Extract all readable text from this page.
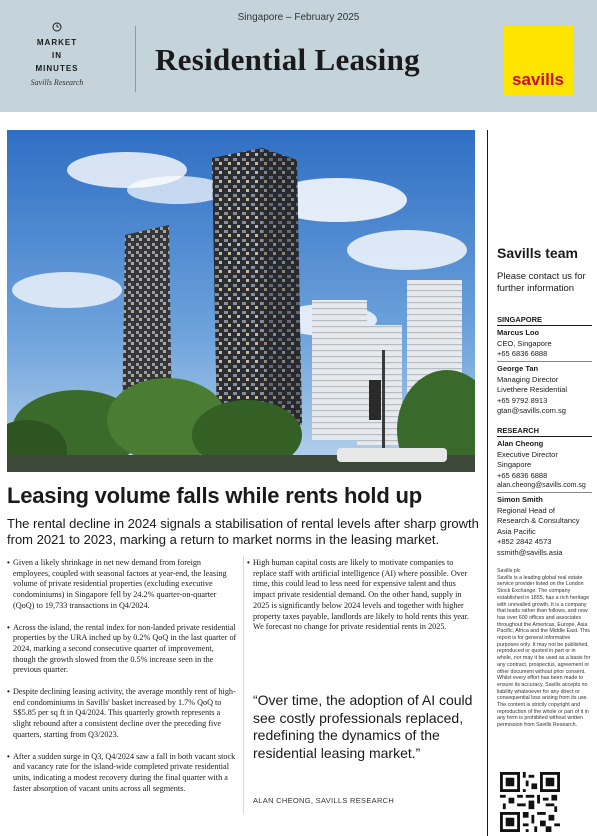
Singapore – February 2025
MARKET
IN
MINUTES
Savills Research
Residential Leasing
savills
Savills team
Please contact us for further information
SINGAPORE
Marcus Loo
CEO, Singapore
+65 6836 6888
George Tan
Managing Director
Livethere Residential
+65 9792 8913
gtan@savills.com.sg
RESEARCH
Alan Cheong
Executive Director
Singapore
+65 6836 6888
alan.cheong@savills.com.sg
Simon Smith
Regional Head of
Research & Consultancy
Asia Pacific
+852 2842 4573
ssmith@savills.asia
Savills plc
Savills is a leading global real estate service provider listed on the London Stock Exchange. The company established in 1855, has a rich heritage with unrivalled growth. It is a company that leads rather than follows, and now has over 600 offices and associates throughout the Americas, Europe, Asia Pacific, Africa and the Middle East. This report is for general informative purposes only. It may not be published, reproduced or quoted in part or in whole, nor may it be used as a basis for any contract, prospectus, agreement or other document without prior consent. Whilst every effort has been made to ensure its accuracy, Savills accepts no liability whatsoever for any direct or consequential loss arising from its use. The content is strictly copyright and reproduction of the whole or part of it in any form is prohibited without written permission from Savills Research.
Leasing volume falls while rents hold up
The rental decline in 2024 signals a stabilisation of rental levels after sharp growth from 2021 to 2023, marking a return to market norms in the leasing market.

• Given a likely shrinkage in net new demand from foreign employees, coupled with seasonal factors at year-end, the leasing volume of private residential properties (excluding executive condominiums) in Singapore fell by 24.2% quarter-on-quarter (QoQ) to 19,733 transactions in Q4/2024.

• Across the island, the rental index for non-landed private residential properties by the URA inched up by 0.2% QoQ in the last quarter of 2024, marking a second consecutive quarter of improvement, though the growth slowed from the 0.5% increase seen in the previous quarter.

• Despite declining leasing activity, the average monthly rent of high-end condominiums in Savills' basket increased by 1.7% QoQ to S$5.85 per sq ft in Q4/2024. This quarterly growth represents a slight rebound after a consistent decline over the preceding five quarters, starting from Q3/2023.

• After a sudden surge in Q3, Q4/2024 saw a fall in both vacant stock and vacancy rate for the island-wide completed private residential units, indicating a modest recovery during the final quarter with a faster absorption of vacant units across all segments.

• High human capital costs are likely to motivate companies to replace staff with artificial intelligence (AI) where possible. Over time, this could lead to less need for expensive talent and thus impact private residential demand. On the other hand, supply in 2025 is significantly below 2024 levels and together with higher property taxes payable, landlords are likely to hold rents this year. We forecast no change for private residential rents in 2025.

“Over time, the adoption of AI could see costly professionals replaced, redefining the dynamics of the residential leasing market.”
ALAN CHEONG, SAVILLS RESEARCH
